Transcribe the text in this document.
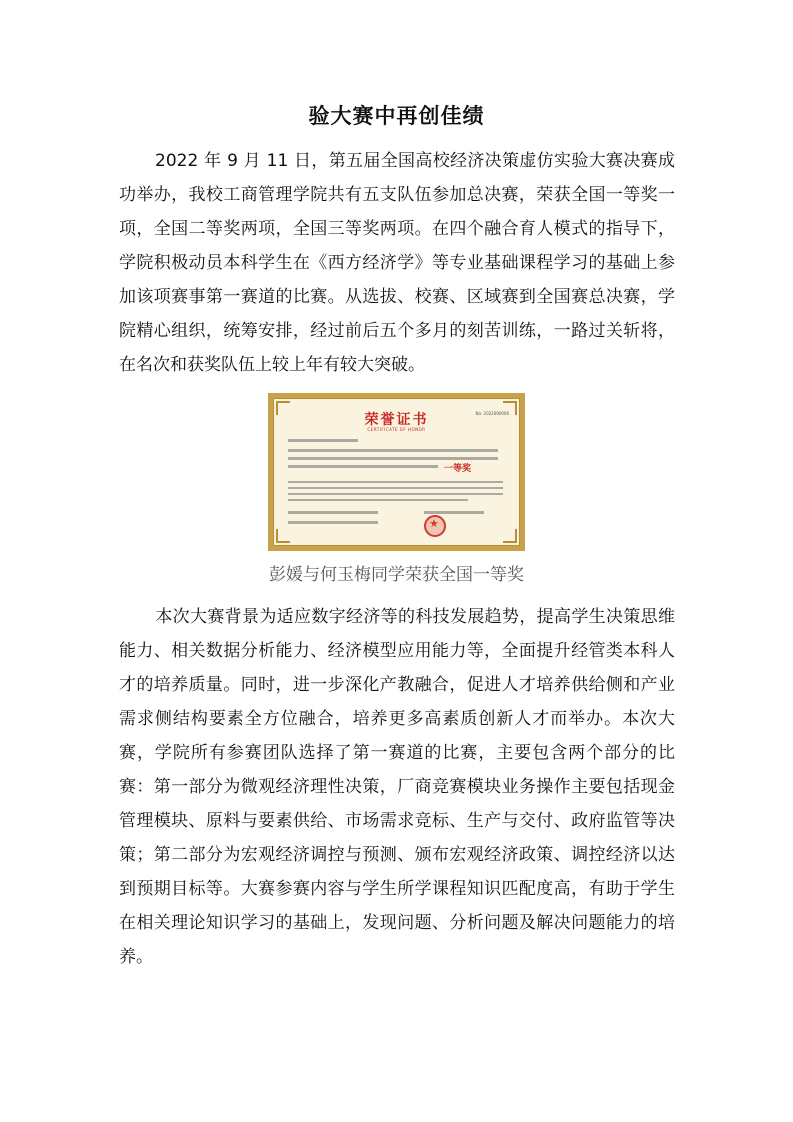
验大赛中再创佳绩

2022 年 9 月 11 日，第五届全国高校经济决策虚仿实验大赛决赛成功举办，我校工商管理学院共有五支队伍参加总决赛，荣获全国一等奖一项，全国二等奖两项，全国三等奖两项。在四个融合育人模式的指导下，学院积极动员本科学生在《西方经济学》等专业基础课程学习的基础上参加该项赛事第一赛道的比赛。从选拔、校赛、区域赛到全国赛总决赛，学院精心组织，统筹安排，经过前后五个多月的刻苦训练，一路过关斩将，在名次和获奖队伍上较上年有较大突破。

荣誉证书
CERTIFICATE OF HONOR
No: 2022090006
一等奖
★
彭媛与何玉梅同学荣获全国一等奖

本次大赛背景为适应数字经济等的科技发展趋势，提高学生决策思维能力、相关数据分析能力、经济模型应用能力等，全面提升经管类本科人才的培养质量。同时，进一步深化产教融合，促进人才培养供给侧和产业需求侧结构要素全方位融合，培养更多高素质创新人才而举办。本次大赛，学院所有参赛团队选择了第一赛道的比赛，主要包含两个部分的比赛：第一部分为微观经济理性决策，厂商竞赛模块业务操作主要包括现金管理模块、原料与要素供给、市场需求竞标、生产与交付、政府监管等决策；第二部分为宏观经济调控与预测、颁布宏观经济政策、调控经济以达到预期目标等。大赛参赛内容与学生所学课程知识匹配度高，有助于学生在相关理论知识学习的基础上，发现问题、分析问题及解决问题能力的培养。
